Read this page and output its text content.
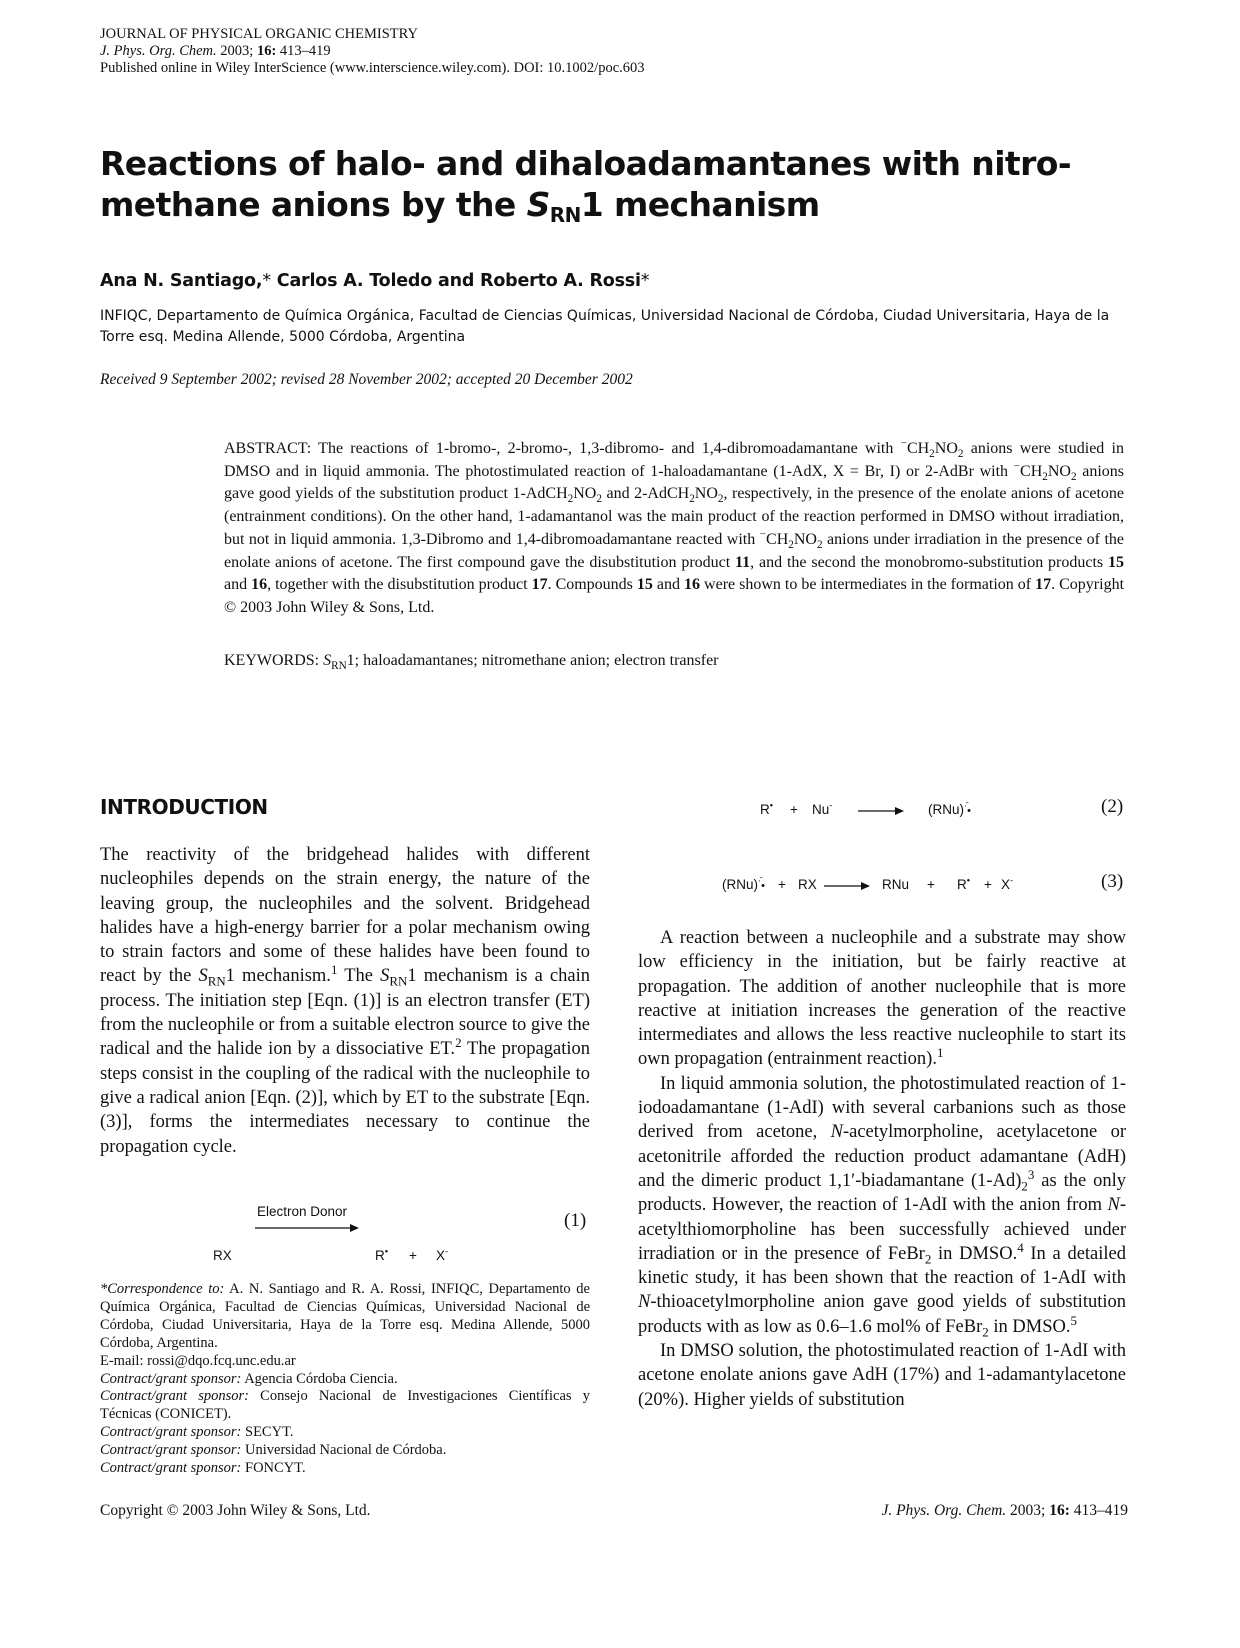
JOURNAL OF PHYSICAL ORGANIC CHEMISTRY
J. Phys. Org. Chem. 2003; 16: 413–419
Published online in Wiley InterScience (www.interscience.wiley.com). DOI: 10.1002/poc.603
Reactions of halo- and dihaloadamantanes with nitro-
methane anions by the $S_{RN}1$ mechanism
Ana N. Santiago,* Carlos A. Toledo and Roberto A. Rossi*
INFIQC, Departamento de Química Orgánica, Facultad de Ciencias Químicas, Universidad Nacional de Córdoba, Ciudad Universitaria, Haya de la Torre esq. Medina Allende, 5000 Córdoba, Argentina
Received 9 September 2002; revised 28 November 2002; accepted 20 December 2002
ABSTRACT: The reactions of 1-bromo-, 2-bromo-, 1,3-dibromo- and 1,4-dibromoadamantane with $^-CH_2NO_2$ anions were studied in DMSO and in liquid ammonia. The photostimulated reaction of 1-haloadamantane (1-AdX, X = Br, I) or 2-AdBr with $^-CH_2NO_2$ anions gave good yields of the substitution product $1-AdCH_2NO_2$ and $2-AdCH_2NO_2$, respectively, in the presence of the enolate anions of acetone (entrainment conditions). On the other hand, 1-adamantanol was the main product of the reaction performed in DMSO without irradiation, but not in liquid ammonia. 1,3-Dibromo and 1,4-dibromoadamantane reacted with $^-CH_2NO_2$ anions under irradiation in the presence of the enolate anions of acetone. The first compound gave the disubstitution product 11, and the second the monobromo-substitution products 15 and 16, together with the disubstitution product 17. Compounds 15 and 16 were shown to be intermediates in the formation of 17. Copyright © 2003 John Wiley & Sons, Ltd.
KEYWORDS: $S_{RN}1$; haloadamantanes; nitromethane anion; electron transfer
INTRODUCTION

The reactivity of the bridgehead halides with different nucleophiles depends on the strain energy, the nature of the leaving group, the nucleophiles and the solvent. Bridgehead halides have a high-energy barrier for a polar mechanism owing to strain factors and some of these halides have been found to react by the $S_{RN}1$ mechanism.$^1$ The $S_{RN}1$ mechanism is a chain process. The initiation step [Eqn. (1)] is an electron transfer (ET) from the nucleophile or from a suitable electron source to give the radical and the halide ion by a dissociative ET.$^2$ The propagation steps consist in the coupling of the radical with the nucleophile to give a radical anion [Eqn. (2)], which by ET to the substrate [Eqn. (3)], forms the intermediates necessary to continue the propagation cycle.

RX
Electron Donor
R• + X-
(1)
*Correspondence to: A. N. Santiago and R. A. Rossi, INFIQC, Departamento de Química Orgánica, Facultad de Ciencias Químicas, Universidad Nacional de Córdoba, Ciudad Universitaria, Haya de la Torre esq. Medina Allende, 5000 Córdoba, Argentina.
E-mail: rossi@dqo.fcq.unc.edu.ar
Contract/grant sponsor: Agencia Córdoba Ciencia.
Contract/grant sponsor: Consejo Nacional de Investigaciones Científicas y Técnicas (CONICET).
Contract/grant sponsor: SECYT.
Contract/grant sponsor: Universidad Nacional de Córdoba.
Contract/grant sponsor: FONCYT.
R• + Nu-	(RNu)·̄•	(2)
(RNu)·̄• + RX	RNu + R• + X-	(3)

A reaction between a nucleophile and a substrate may show low efficiency in the initiation, but be fairly reactive at propagation. The addition of another nucleophile that is more reactive at initiation increases the generation of the reactive intermediates and allows the less reactive nucleophile to start its own propagation (entrainment reaction).$^1$

In liquid ammonia solution, the photostimulated reaction of 1-iodoadamantane (1-AdI) with several carbanions such as those derived from acetone, N-acetylmorpholine, acetylacetone or acetonitrile afforded the reduction product adamantane (AdH) and the dimeric product 1,1′-biadamantane $(1-Ad)_2^3$ as the only products. However, the reaction of 1-AdI with the anion from N-acetylthiomorpholine has been successfully achieved under irradiation or in the presence of FeBr$_2$ in DMSO.$^4$ In a detailed kinetic study, it has been shown that the reaction of 1-AdI with N-thioacetylmorpholine anion gave good yields of substitution products with as low as 0.6–1.6 mol% of FeBr$_2$ in DMSO.$^5$

In DMSO solution, the photostimulated reaction of 1-AdI with acetone enolate anions gave AdH (17%) and 1-adamantylacetone (20%). Higher yields of substitution

Copyright © 2003 John Wiley & Sons, Ltd.	J. Phys. Org. Chem. 2003; 16: 413–419
